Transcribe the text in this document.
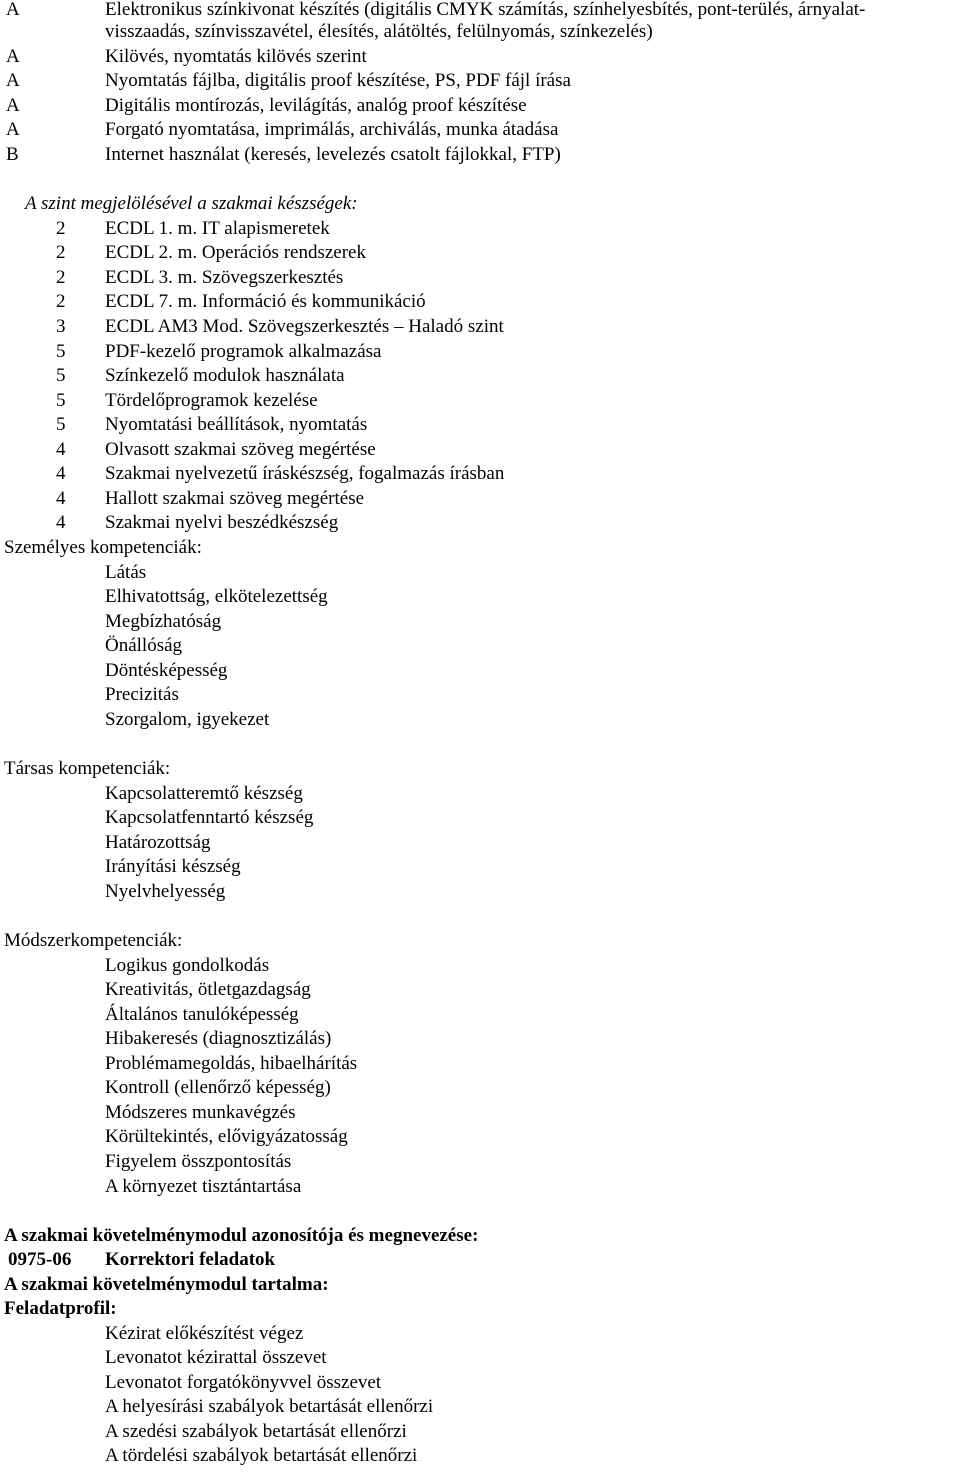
A	Elektronikus színkivonat készítés (digitális CMYK számítás, színhelyesbítés, pont-terülés, árnyalat-
visszaadás, színvisszavétel, élesítés, alátöltés, felülnyomás, színkezelés)
A	Kilövés, nyomtatás kilövés szerint
A	Nyomtatás fájlba, digitális proof készítése, PS, PDF fájl írása
A	Digitális montírozás, levilágítás, analóg proof készítése
A	Forgató nyomtatása, imprimálás, archiválás, munka átadása
B	Internet használat (keresés, levelezés csatolt fájlokkal, FTP)
A szint megjelölésével a szakmai készségek:
2 ECDL 1. m. IT alapismeretek
2 ECDL 2. m. Operációs rendszerek
2 ECDL 3. m. Szövegszerkesztés
2 ECDL 7. m. Információ és kommunikáció
3 ECDL AM3 Mod. Szövegszerkesztés – Haladó szint
5 PDF-kezelő programok alkalmazása
5 Színkezelő modulok használata
5 Tördelőprogramok kezelése
5 Nyomtatási beállítások, nyomtatás
4 Olvasott szakmai szöveg megértése
4 Szakmai nyelvezetű íráskészség, fogalmazás írásban
4 Hallott szakmai szöveg megértése
4 Szakmai nyelvi beszédkészség
Személyes kompetenciák:
Látás
Elhivatottság, elkötelezettség
Megbízhatóság
Önállóság
Döntésképesség
Precizitás
Szorgalom, igyekezet
Társas kompetenciák:
Kapcsolatteremtő készség
Kapcsolatfenntartó készség
Határozottság
Irányítási készség
Nyelvhelyesség
Módszerkompetenciák:
Logikus gondolkodás
Kreativitás, ötletgazdagság
Általános tanulóképesség
Hibakeresés (diagnosztizálás)
Problémamegoldás, hibaelhárítás
Kontroll (ellenőrző képesség)
Módszeres munkavégzés
Körültekintés, elővigyázatosság
Figyelem összpontosítás
A környezet tisztántartása
A szakmai követelménymodul azonosítója és megnevezése:
0975-06 Korrektori feladatok
A szakmai követelménymodul tartalma:
Feladatprofil:
Kézirat előkészítést végez
Levonatot kézirattal összevet
Levonatot forgatókönyvvel összevet
A helyesírási szabályok betartását ellenőrzi
A szedési szabályok betartását ellenőrzi
A tördelési szabályok betartását ellenőrzi
